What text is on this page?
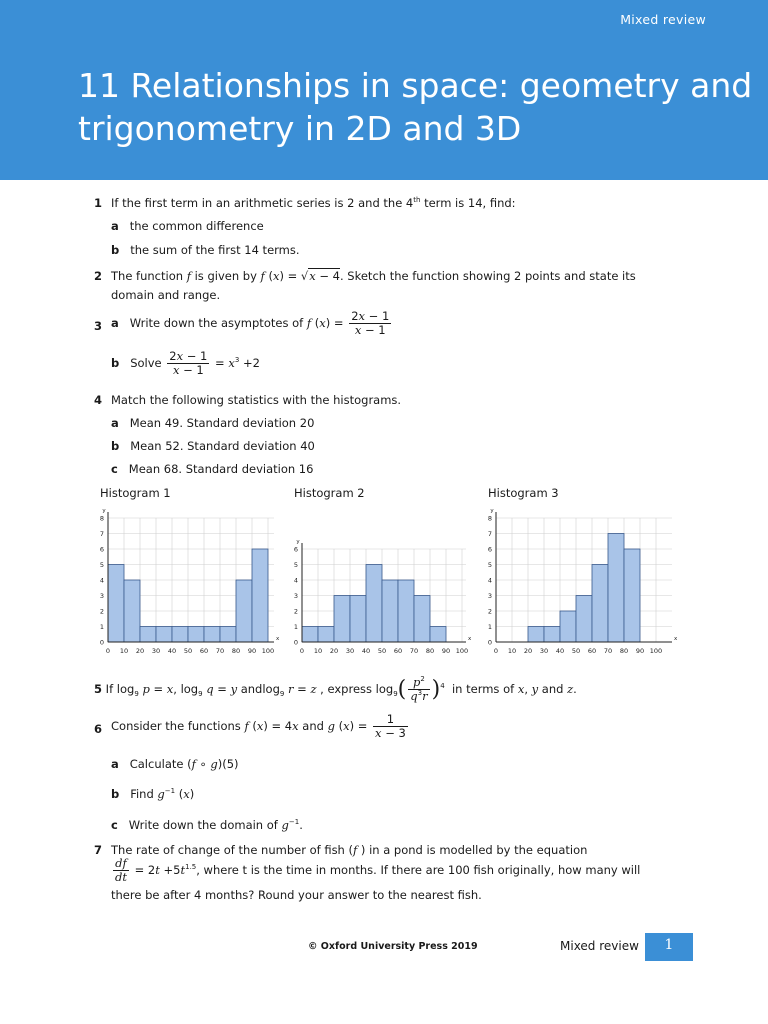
Mixed review
11 Relationships in space: geometry and trigonometry in 2D and 3D
1 If the first term in an arithmetic series is 2 and the 4th term is 14, find:
a the common difference
b the sum of the first 14 terms.
2 The function f is given by f (x) = √x − 4. Sketch the function showing 2 points and state its
domain and range.
3 a Write down the asymptotes of f $(x) = \frac{2x - 1}{x - 1}$
b Solve $\frac{2x - 1}{x - 1} = x^3 +2$
4 Match the following statistics with the histograms.
a Mean 49. Standard deviation 20
b Mean 52. Standard deviation 40
c Mean 68. Standard deviation 16
Histogram 1	Histogram 2	Histogram 3
0 10 20 30 40 50 60 70 80 90 100
0
1
2
3
4
5
6
7
8
x
y
0 10 20 30 40 50 60 70 80 90 100
0
1
2
3
4
5
6
x
y
0 10 20 30 40 50 60 70 80 90 100
0
1
2
3
4
5
6
7
8
x
y
5 If $\log_9 p = x$, $\log_9 q = y$ andlog$_9$ r = z , express $\log_9( \frac{p^2}{q^3r} )^4$  in terms of x, y and z.
6 Consider the functions f (x) = 4x and g $(x) = \frac{1}{x - 3}$
a Calculate (f ∘ g)(5)
b Find $g^{-1}$ (x)
c Write down the domain of $g^{-1}$.
7 The rate of change of the number of fish (f ) in a pond is modelled by the equation
$\frac{df}{dt} = 2t +5t^{1.5}$, where t is the time in months. If there are 100 fish originally, how many will
there be after 4 months? Round your answer to the nearest fish.
© Oxford University Press 2019	Mixed review	1
